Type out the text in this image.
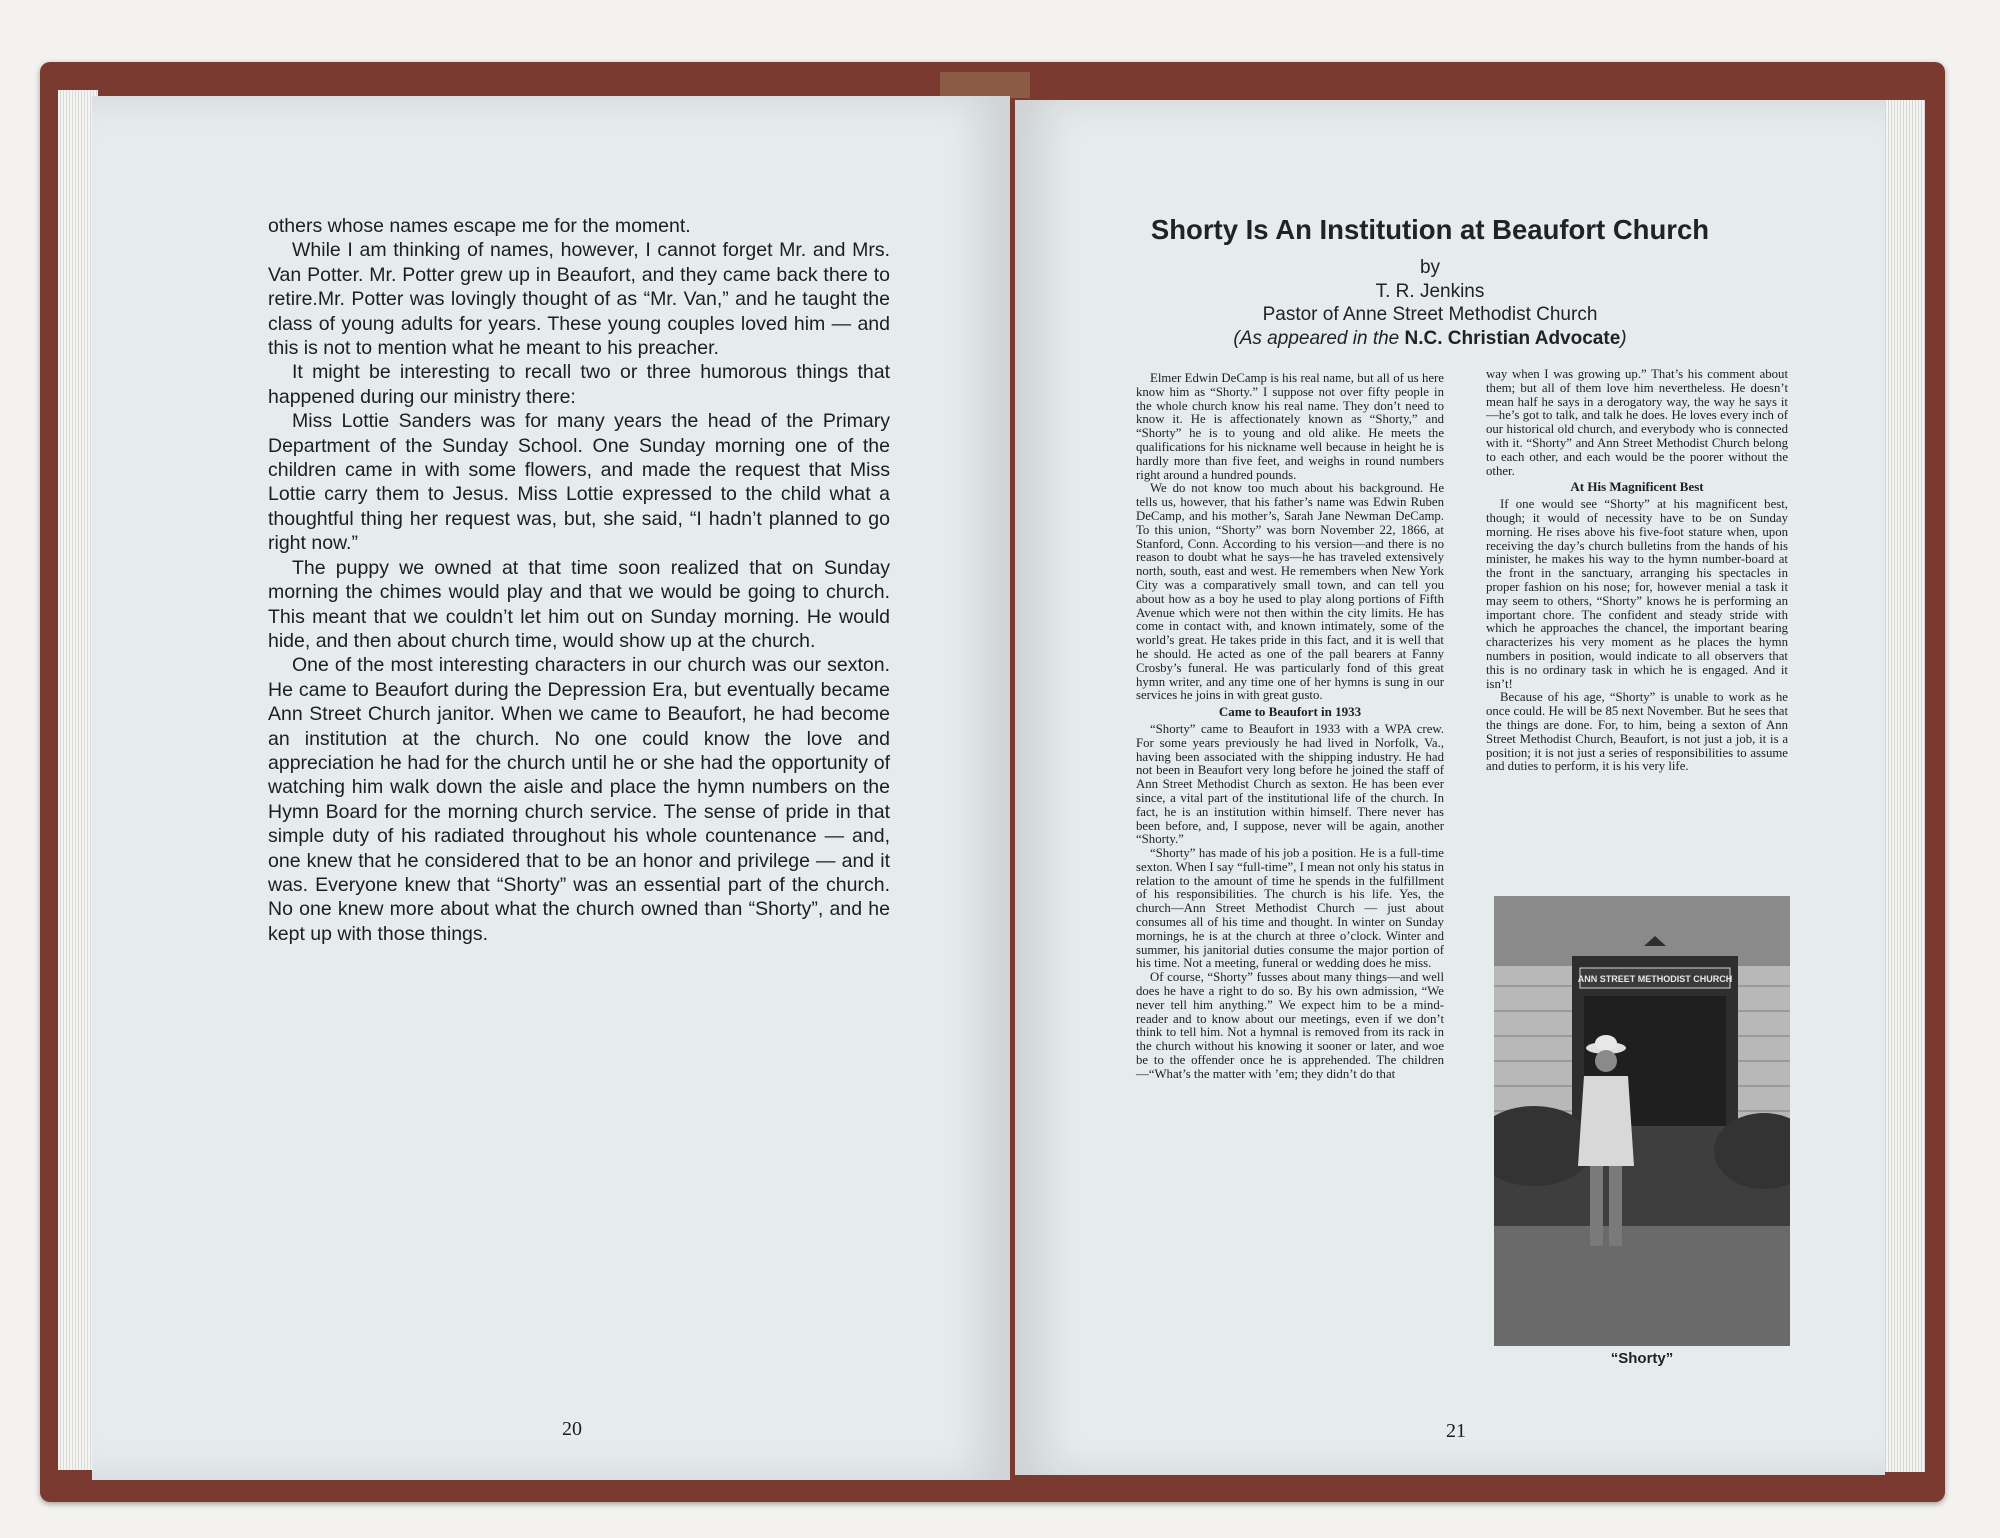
others whose names escape me for the moment.

While I am thinking of names, however, I cannot forget Mr. and Mrs. Van Potter. Mr. Potter grew up in Beaufort, and they came back there to retire.Mr. Potter was lovingly thought of as “Mr. Van,” and he taught the class of young adults for years. These young couples loved him — and this is not to mention what he meant to his preacher.

It might be interesting to recall two or three humorous things that happened during our ministry there:

Miss Lottie Sanders was for many years the head of the Primary Department of the Sunday School. One Sunday morning one of the children came in with some flowers, and made the request that Miss Lottie carry them to Jesus. Miss Lottie expressed to the child what a thoughtful thing her request was, but, she said, “I hadn’t planned to go right now.”

The puppy we owned at that time soon realized that on Sunday morning the chimes would play and that we would be going to church. This meant that we couldn’t let him out on Sunday morning. He would hide, and then about church time, would show up at the church.

One of the most interesting characters in our church was our sexton. He came to Beaufort during the Depression Era, but eventually became Ann Street Church janitor. When we came to Beaufort, he had become an institution at the church. No one could know the love and appreciation he had for the church until he or she had the opportunity of watching him walk down the aisle and place the hymn numbers on the Hymn Board for the morning church service. The sense of pride in that simple duty of his radiated throughout his whole countenance — and, one knew that he considered that to be an honor and privilege — and it was. Everyone knew that “Shorty” was an essential part of the church. No one knew more about what the church owned than “Shorty”, and he kept up with those things.

20
Shorty Is An Institution at Beaufort Church
by
T. R. Jenkins
Pastor of Anne Street Methodist Church
(As appeared in the N.C. Christian Advocate)

Elmer Edwin DeCamp is his real name, but all of us here know him as “Shorty.” I suppose not over fifty people in the whole church know his real name. They don’t need to know it. He is affectionately known as “Shorty,” and “Shorty” he is to young and old alike. He meets the qualifications for his nickname well because in height he is hardly more than five feet, and weighs in round numbers right around a hundred pounds.

We do not know too much about his background. He tells us, however, that his father’s name was Edwin Ruben DeCamp, and his mother’s, Sarah Jane Newman DeCamp. To this union, “Shorty” was born November 22, 1866, at Stanford, Conn. According to his version—and there is no reason to doubt what he says—he has traveled extensively north, south, east and west. He remembers when New York City was a comparatively small town, and can tell you about how as a boy he used to play along portions of Fifth Avenue which were not then within the city limits. He has come in contact with, and known intimately, some of the world’s great. He takes pride in this fact, and it is well that he should. He acted as one of the pall bearers at Fanny Crosby’s funeral. He was particularly fond of this great hymn writer, and any time one of her hymns is sung in our services he joins in with great gusto.

Came to Beaufort in 1933

“Shorty” came to Beaufort in 1933 with a WPA crew. For some years previously he had lived in Norfolk, Va., having been associated with the shipping industry. He had not been in Beaufort very long before he joined the staff of Ann Street Methodist Church as sexton. He has been ever since, a vital part of the institutional life of the church. In fact, he is an institution within himself. There never has been before, and, I suppose, never will be again, another “Shorty.”

“Shorty” has made of his job a position. He is a full-time sexton. When I say “full-time”, I mean not only his status in relation to the amount of time he spends in the fulfillment of his responsibilities. The church is his life. Yes, the church—Ann Street Methodist Church — just about consumes all of his time and thought. In winter on Sunday mornings, he is at the church at three o’clock. Winter and summer, his janitorial duties consume the major portion of his time. Not a meeting, funeral or wedding does he miss.

Of course, “Shorty” fusses about many things—and well does he have a right to do so. By his own admission, “We never tell him anything.” We expect him to be a mind-reader and to know about our meetings, even if we don’t think to tell him. Not a hymnal is removed from its rack in the church without his knowing it sooner or later, and woe be to the offender once he is apprehended. The children—“What’s the matter with ’em; they didn’t do that

way when I was growing up.” That’s his comment about them; but all of them love him nevertheless. He doesn’t mean half he says in a derogatory way, the way he says it—he’s got to talk, and talk he does. He loves every inch of our historical old church, and everybody who is connected with it. “Shorty” and Ann Street Methodist Church belong to each other, and each would be the poorer without the other.

At His Magnificent Best

If one would see “Shorty” at his magnificent best, though; it would of necessity have to be on Sunday morning. He rises above his five-foot stature when, upon receiving the day’s church bulletins from the hands of his minister, he makes his way to the hymn number-board at the front in the sanctuary, arranging his spectacles in proper fashion on his nose; for, however menial a task it may seem to others, “Shorty” knows he is performing an important chore. The confident and steady stride with which he approaches the chancel, the important bearing characterizes his very moment as he places the hymn numbers in position, would indicate to all observers that this is no ordinary task in which he is engaged. And it isn’t!

Because of his age, “Shorty” is unable to work as he once could. He will be 85 next November. But he sees that the things are done. For, to him, being a sexton of Ann Street Methodist Church, Beaufort, is not just a job, it is a position; it is not just a series of responsibilities to assume and duties to perform, it is his very life.

ANN STREET METHODIST CHURCH
“Shorty”
21
